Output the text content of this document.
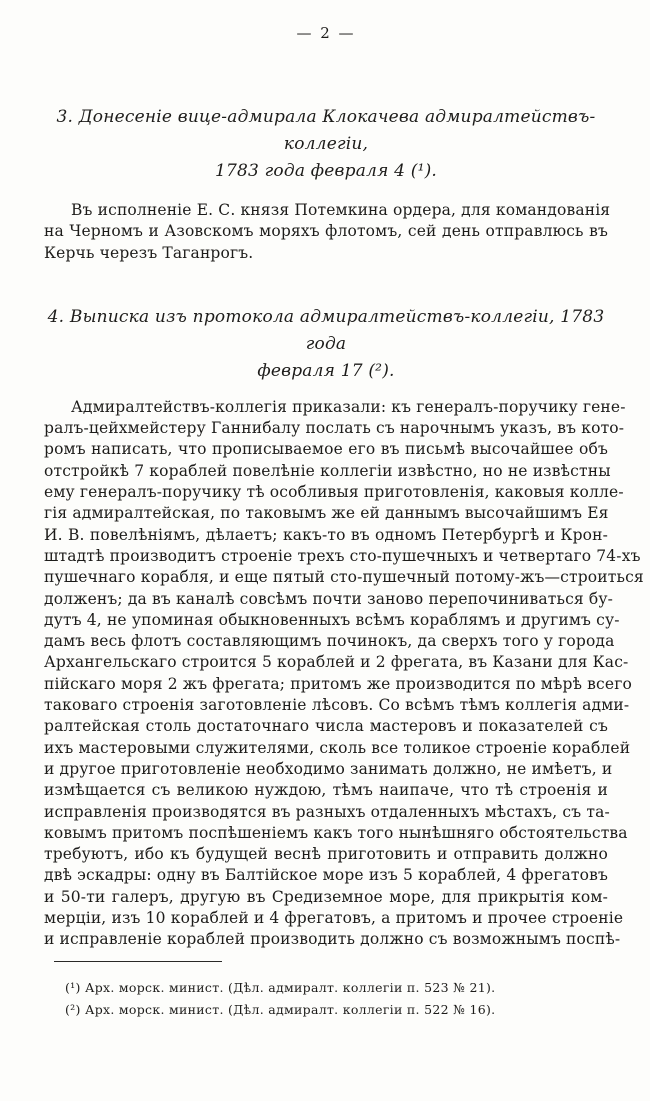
— 2 —
3. Донесеніе вице-адмирала Клокачева адмиралтействъ-коллегіи,
1783 года февраля 4 (¹).
Въ исполненіе Е. С. князя Потемкина ордера, для командованія
на Черномъ и Азовскомъ моряхъ флотомъ, сей день отправлюсь въ
Керчь черезъ Таганрогъ.
4. Выписка изъ протокола адмиралтействъ-коллегіи, 1783 года
февраля 17 (²).
Адмиралтействъ-коллегія приказали: къ генералъ-поручику гене-
ралъ-цейхмейстеру Ганнибалу послать съ нарочнымъ указъ, въ кото-
ромъ написать, что прописываемое его въ письмѣ высочайшее объ
отстройкѣ 7 кораблей повелѣніе коллегіи извѣстно, но не извѣстны
ему генералъ-поручику тѣ особливыя приготовленія, каковыя колле-
гія адмиралтейская, по таковымъ же ей даннымъ высочайшимъ Ея
И. В. повелѣніямъ, дѣлаетъ; какъ-то въ одномъ Петербургѣ и Крон-
штадтѣ производитъ строеніе трехъ сто-пушечныхъ и четвертаго 74-хъ
пушечнаго корабля, и еще пятый сто-пушечный потому-жъ—строиться
долженъ; да въ каналѣ совсѣмъ почти заново перепочиниваться бу-
дутъ 4, не упоминая обыкновенныхъ всѣмъ кораблямъ и другимъ су-
дамъ весь флотъ составляющимъ починокъ, да сверхъ того у города
Архангельскаго строится 5 кораблей и 2 фрегата, въ Казани для Кас-
пійскаго моря 2 жъ фрегата; притомъ же производится по мѣрѣ всего
таковаго строенія заготовленіе лѣсовъ. Со всѣмъ тѣмъ коллегія адми-
ралтейская столь достаточнаго числа мастеровъ и показателей съ
ихъ мастеровыми служителями, сколь все толикое строеніе кораблей
и другое приготовленіе необходимо занимать должно, не имѣетъ, и
измѣщается съ великою нуждою, тѣмъ наипаче, что тѣ строенія и
исправленія производятся въ разныхъ отдаленныхъ мѣстахъ, съ та-
ковымъ притомъ поспѣшеніемъ какъ того нынѣшняго обстоятельства
требуютъ, ибо къ будущей веснѣ приготовить и отправить должно
двѣ эскадры: одну въ Балтійское море изъ 5 кораблей, 4 фрегатовъ
и 50-ти галеръ, другую въ Средиземное море, для прикрытія ком-
мерціи, изъ 10 кораблей и 4 фрегатовъ, а притомъ и прочее строеніе
и исправленіе кораблей производить должно съ возможнымъ поспѣ-
(¹) Арх. морск. минист. (Дѣл. адмиралт. коллегіи п. 523 № 21).
(²) Арх. морск. минист. (Дѣл. адмиралт. коллегіи п. 522 № 16).
